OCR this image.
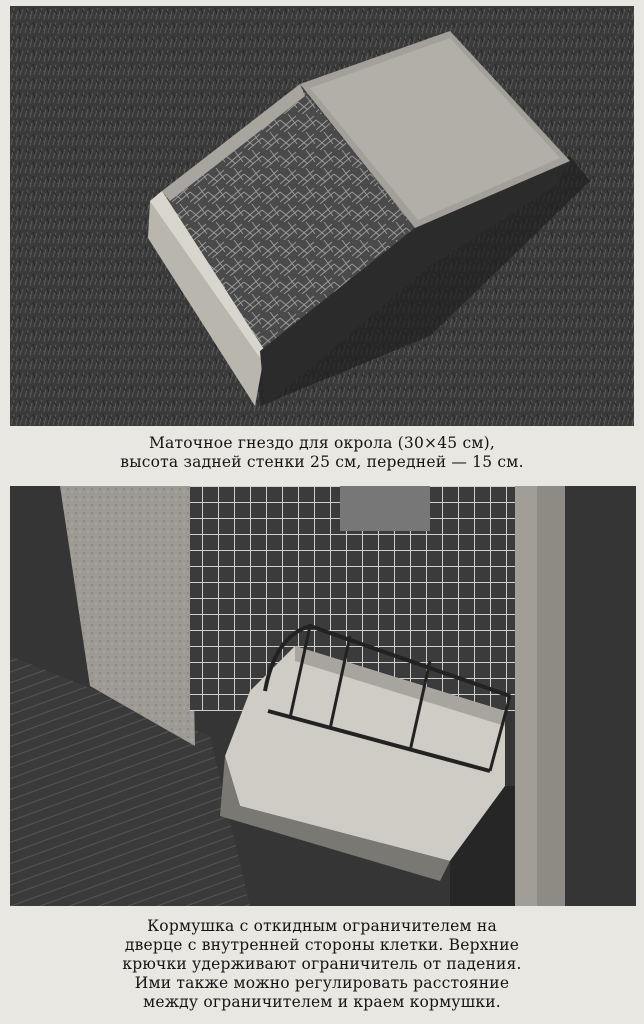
Маточное гнездо для окрола (30×45 см),
высота задней стенки 25 см, передней — 15 см.
Кормушка с откидным ограничителем на
дверце с внутренней стороны клетки. Верхние
крючки удерживают ограничитель от падения.
Ими также можно регулировать расстояние
между ограничителем и краем кормушки.
